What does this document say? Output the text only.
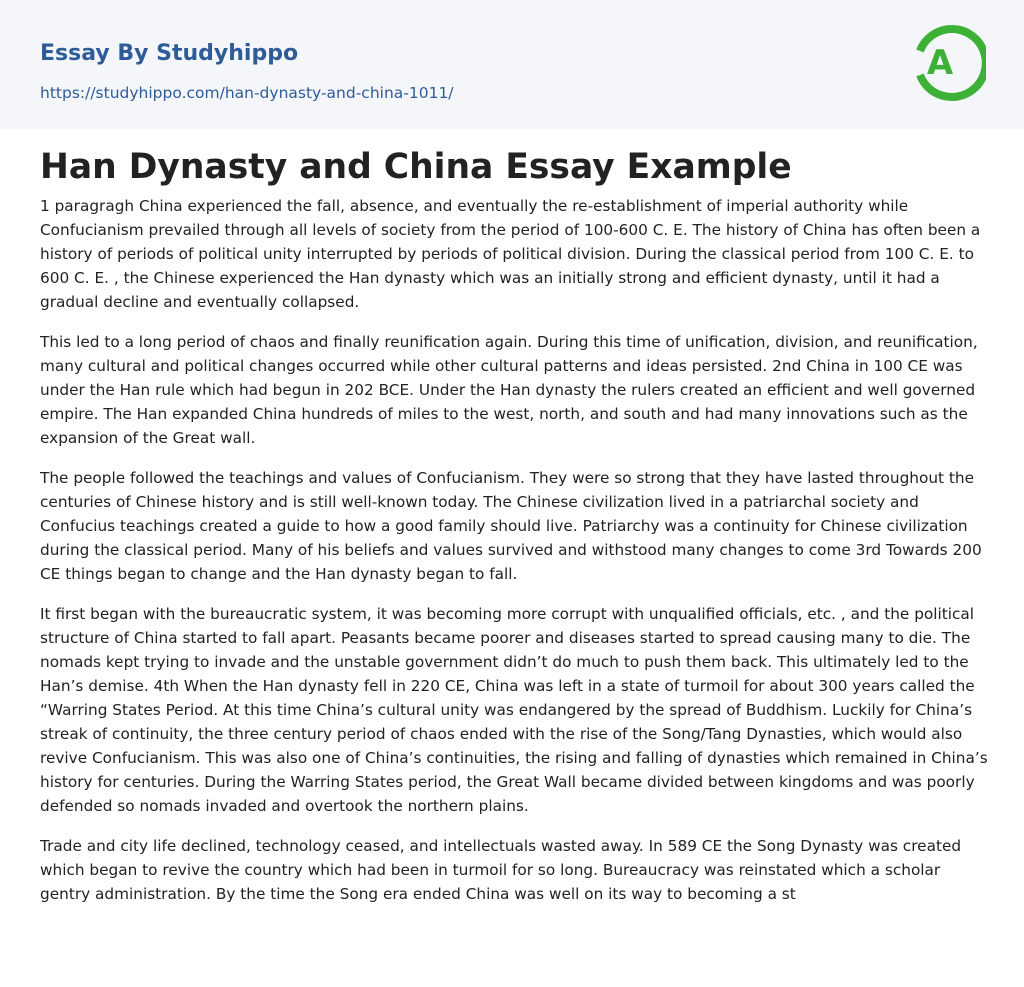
Essay By Studyhippo
https://studyhippo.com/han-dynasty-and-china-1011/
A
Han Dynasty and China Essay Example

1 paragragh China experienced the fall, absence, and eventually the re-establishment of imperial authority while Confucianism prevailed through all levels of society from the period of 100-600 C. E. The history of China has often been a history of periods of political unity interrupted by periods of political division. During the classical period from 100 C. E. to 600 C. E. , the Chinese experienced the Han dynasty which was an initially strong and efficient dynasty, until it had a gradual decline and eventually collapsed.

This led to a long period of chaos and finally reunification again. During this time of unification, division, and reunification, many cultural and political changes occurred while other cultural patterns and ideas persisted. 2nd China in 100 CE was under the Han rule which had begun in 202 BCE. Under the Han dynasty the rulers created an efficient and well governed empire. The Han expanded China hundreds of miles to the west, north, and south and had many innovations such as the expansion of the Great wall.

The people followed the teachings and values of Confucianism. They were so strong that they have lasted throughout the centuries of Chinese history and is still well-known today. The Chinese civilization lived in a patriarchal society and Confucius teachings created a guide to how a good family should live. Patriarchy was a continuity for Chinese civilization during the classical period. Many of his beliefs and values survived and withstood many changes to come 3rd Towards 200 CE things began to change and the Han dynasty began to fall.

It first began with the bureaucratic system, it was becoming more corrupt with unqualified officials, etc. , and the political structure of China started to fall apart. Peasants became poorer and diseases started to spread causing many to die. The nomads kept trying to invade and the unstable government didn’t do much to push them back. This ultimately led to the Han’s demise. 4th When the Han dynasty fell in 220 CE, China was left in a state of turmoil for about 300 years called the “Warring States Period. At this time China’s cultural unity was endangered by the spread of Buddhism. Luckily for China’s streak of continuity, the three century period of chaos ended with the rise of the Song/Tang Dynasties, which would also revive Confucianism. This was also one of China’s continuities, the rising and falling of dynasties which remained in China’s history for centuries. During the Warring States period, the Great Wall became divided between kingdoms and was poorly defended so nomads invaded and overtook the northern plains.

Trade and city life declined, technology ceased, and intellectuals wasted away. In 589 CE the Song Dynasty was created which began to revive the country which had been in turmoil for so long. Bureaucracy was reinstated which a scholar gentry administration. By the time the Song era ended China was well on its way to becoming a st
